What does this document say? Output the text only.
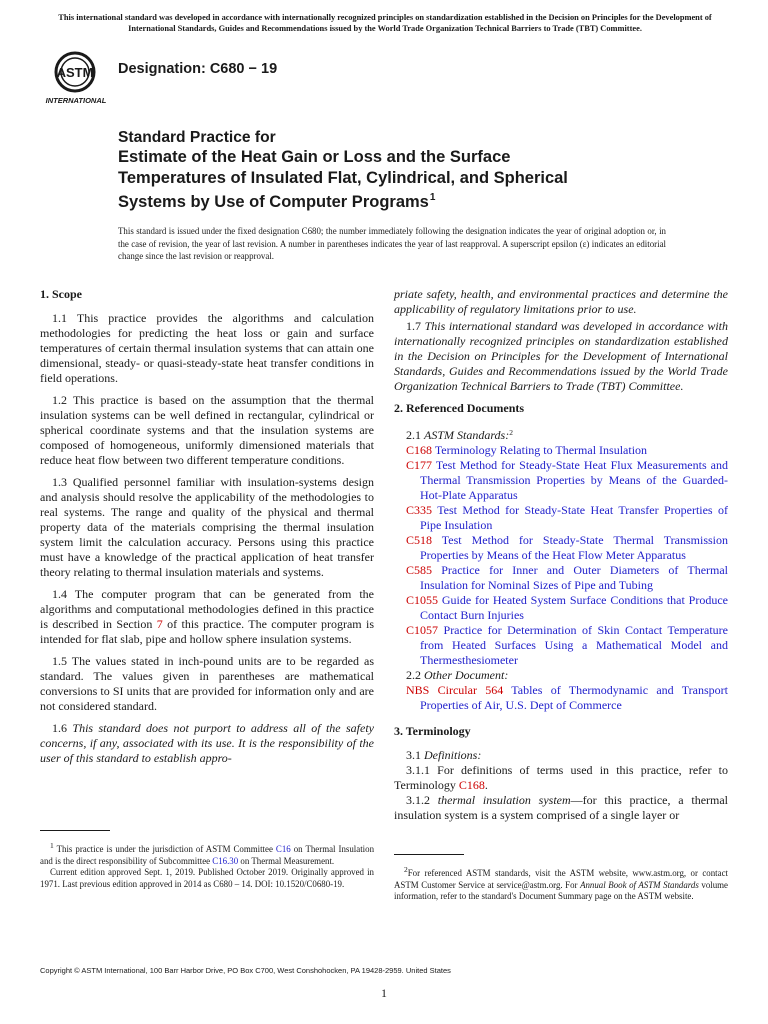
This international standard was developed in accordance with internationally recognized principles on standardization established in the Decision on Principles for the Development of International Standards, Guides and Recommendations issued by the World Trade Organization Technical Barriers to Trade (TBT) Committee.

ASTM
INTERNATIONAL
Designation: C680 − 19
Standard Practice for
Estimate of the Heat Gain or Loss and the Surface
Temperatures of Insulated Flat, Cylindrical, and Spherical
Systems by Use of Computer Programs$^1$

This standard is issued under the fixed designation C680; the number immediately following the designation indicates the year of original adoption or, in the case of revision, the year of last revision. A number in parentheses indicates the year of last reapproval. A superscript epsilon (ε) indicates an editorial change since the last revision or reapproval.

1. Scope

1.1 This practice provides the algorithms and calculation methodologies for predicting the heat loss or gain and surface temperatures of certain thermal insulation systems that can attain one dimensional, steady- or quasi-steady-state heat transfer conditions in field operations.

1.2 This practice is based on the assumption that the thermal insulation systems can be well defined in rectangular, cylindrical or spherical coordinate systems and that the insulation systems are composed of homogeneous, uniformly dimensioned materials that reduce heat flow between two different temperature conditions.

1.3 Qualified personnel familiar with insulation-systems design and analysis should resolve the applicability of the methodologies to real systems. The range and quality of the physical and thermal property data of the materials comprising the thermal insulation system limit the calculation accuracy. Persons using this practice must have a knowledge of the practical application of heat transfer theory relating to thermal insulation materials and systems.

1.4 The computer program that can be generated from the algorithms and computational methodologies defined in this practice is described in Section 7 of this practice. The computer program is intended for flat slab, pipe and hollow sphere insulation systems.

1.5 The values stated in inch-pound units are to be regarded as standard. The values given in parentheses are mathematical conversions to SI units that are provided for information only and are not considered standard.

1.6 This standard does not purport to address all of the safety concerns, if any, associated with its use. It is the responsibility of the user of this standard to establish appro-

priate safety, health, and environmental practices and determine the applicability of regulatory limitations prior to use.

1.7 This international standard was developed in accordance with internationally recognized principles on standardization established in the Decision on Principles for the Development of International Standards, Guides and Recommendations issued by the World Trade Organization Technical Barriers to Trade (TBT) Committee.

2. Referenced Documents

2.1 ASTM Standards:$^2$

C168 Terminology Relating to Thermal Insulation

C177 Test Method for Steady-State Heat Flux Measurements and Thermal Transmission Properties by Means of the Guarded-Hot-Plate Apparatus

C335 Test Method for Steady-State Heat Transfer Properties of Pipe Insulation

C518 Test Method for Steady-State Thermal Transmission Properties by Means of the Heat Flow Meter Apparatus

C585 Practice for Inner and Outer Diameters of Thermal Insulation for Nominal Sizes of Pipe and Tubing

C1055 Guide for Heated System Surface Conditions that Produce Contact Burn Injuries

C1057 Practice for Determination of Skin Contact Temperature from Heated Surfaces Using a Mathematical Model and Thermesthesiometer

2.2 Other Document:

NBS Circular 564 Tables of Thermodynamic and Transport Properties of Air, U.S. Dept of Commerce

3. Terminology

3.1 Definitions:

3.1.1 For definitions of terms used in this practice, refer to Terminology C168.

3.1.2 thermal insulation system—for this practice, a thermal insulation system is a system comprised of a single layer or

$^1$ This practice is under the jurisdiction of ASTM Committee C16 on Thermal Insulation and is the direct responsibility of Subcommittee C16.30 on Thermal Measurement.

Current edition approved Sept. 1, 2019. Published October 2019. Originally approved in 1971. Last previous edition approved in 2014 as C680 – 14. DOI: 10.1520/C0680-19.

$^2$For referenced ASTM standards, visit the ASTM website, www.astm.org, or contact ASTM Customer Service at service@astm.org. For Annual Book of ASTM Standards volume information, refer to the standard's Document Summary page on the ASTM website.

Copyright © ASTM International, 100 Barr Harbor Drive, PO Box C700, West Conshohocken, PA 19428-2959. United States
1
